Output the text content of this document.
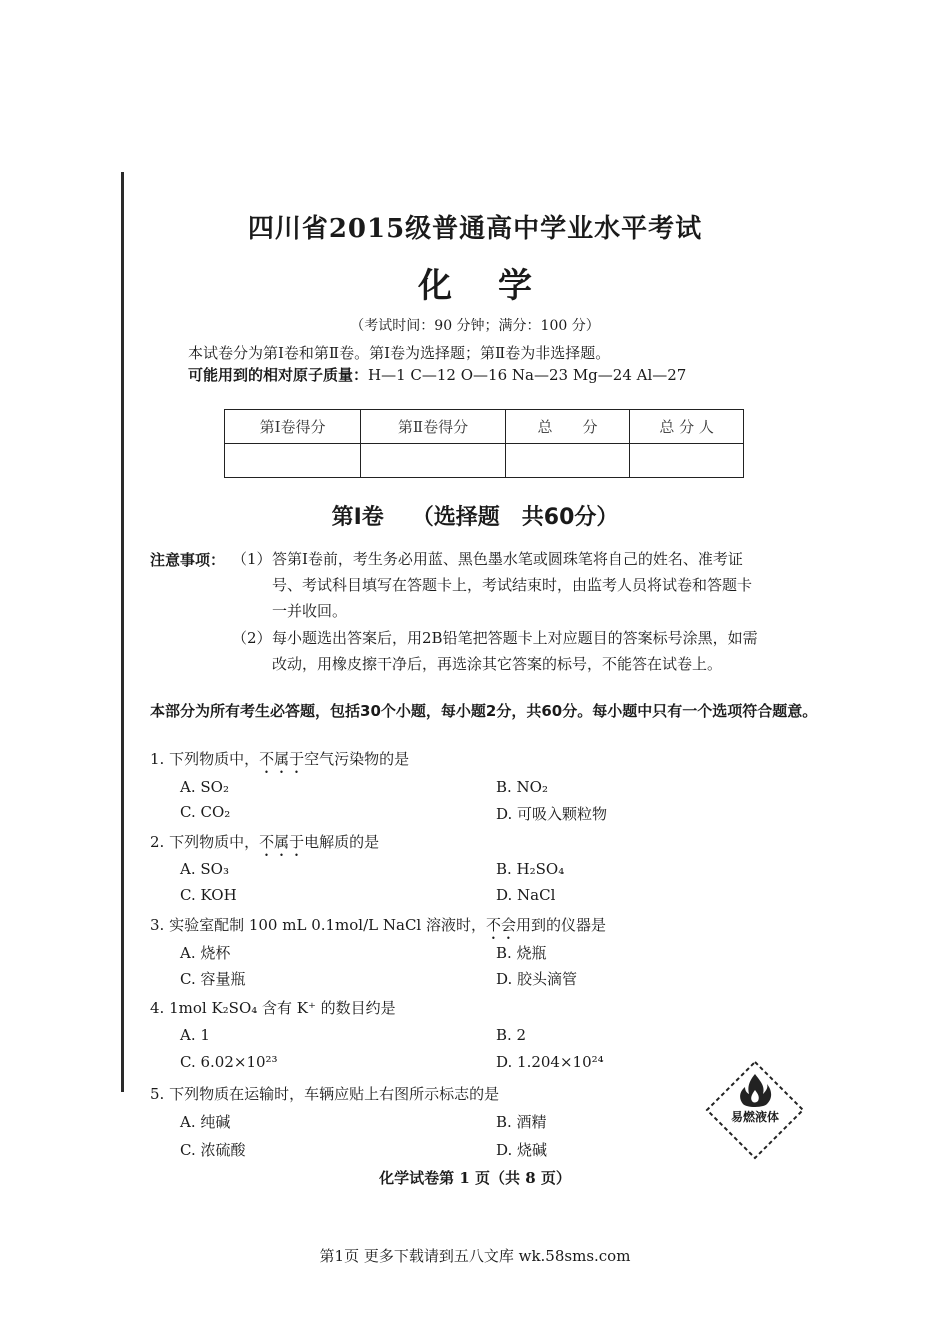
四川省2015级普通高中学业水平考试
化学
（考试时间：90 分钟；满分：100 分）
本试卷分为第Ⅰ卷和第Ⅱ卷。第Ⅰ卷为选择题；第Ⅱ卷为非选择题。
可能用到的相对原子质量：H—1 C—12 O—16 Na—23 Mg—24 Al—27
第Ⅰ卷得分	第Ⅱ卷得分	总　　分	总 分 人

第Ⅰ卷 （选择题　共60分）
注意事项： （1）答第Ⅰ卷前，考生务必用蓝、黑色墨水笔或圆珠笔将自己的姓名、准考证
号、考试科目填写在答题卡上，考试结束时，由监考人员将试卷和答题卡
一并收回。
（2）每小题选出答案后，用2B铅笔把答题卡上对应题目的答案标号涂黑，如需
改动，用橡皮擦干净后，再选涂其它答案的标号，不能答在试卷上。
本部分为所有考生必答题，包括30个小题，每小题2分，共60分。每小题中只有一个选项符合题意。
1. 下列物质中，不属于空气污染物的是
A. SO₂	B. NO₂
C. CO₂	D. 可吸入颗粒物
2. 下列物质中，不属于电解质的是
A. SO₃	B. H₂SO₄
C. KOH	D. NaCl
3. 实验室配制 100 mL 0.1mol/L NaCl 溶液时，不会用到的仪器是
A. 烧杯	B. 烧瓶
C. 容量瓶	D. 胶头滴管
4. 1mol K₂SO₄ 含有 K⁺ 的数目约是
A. 1	B. 2
C. 6.02×10²³	D. 1.204×10²⁴
5. 下列物质在运输时，车辆应贴上右图所示标志的是
A. 纯碱	B. 酒精
C. 浓硫酸	D. 烧碱
易燃液体
化学试卷第 1 页（共 8 页）
第1页 更多下载请到五八文库 wk.58sms.com
